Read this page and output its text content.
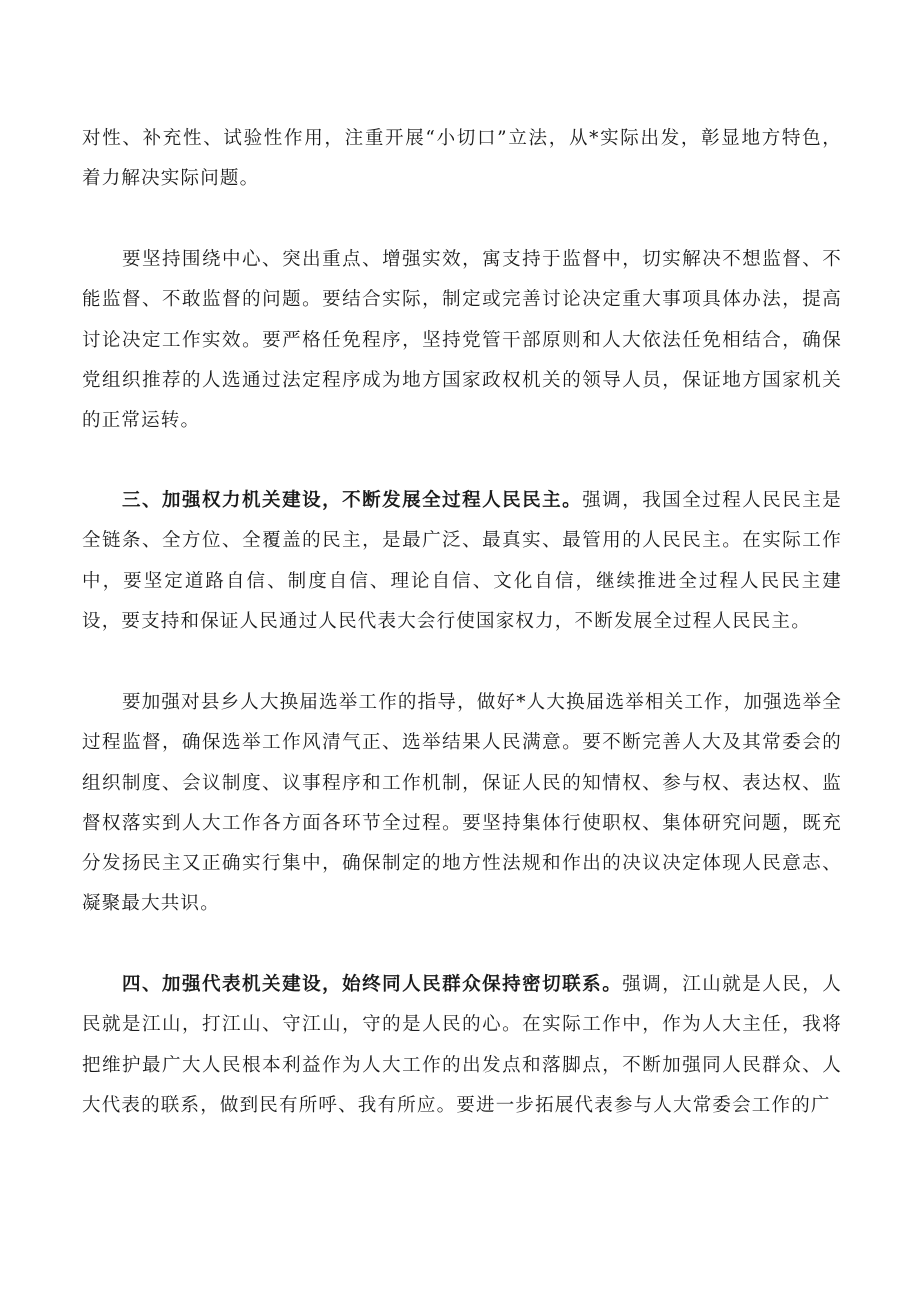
对性、补充性、试验性作用，注重开展“小切口”立法，从*实际出发，彰显地方特色，着力解决实际问题。

要坚持围绕中心、突出重点、增强实效，寓支持于监督中，切实解决不想监督、不能监督、不敢监督的问题。要结合实际，制定或完善讨论决定重大事项具体办法，提高讨论决定工作实效。要严格任免程序，坚持党管干部原则和人大依法任免相结合，确保党组织推荐的人选通过法定程序成为地方国家政权机关的领导人员，保证地方国家机关的正常运转。

三、加强权力机关建设，不断发展全过程人民民主。强调，我国全过程人民民主是全链条、全方位、全覆盖的民主，是最广泛、最真实、最管用的人民民主。在实际工作中，要坚定道路自信、制度自信、理论自信、文化自信，继续推进全过程人民民主建设，要支持和保证人民通过人民代表大会行使国家权力，不断发展全过程人民民主。

要加强对县乡人大换届选举工作的指导，做好*人大换届选举相关工作，加强选举全过程监督，确保选举工作风清气正、选举结果人民满意。要不断完善人大及其常委会的组织制度、会议制度、议事程序和工作机制，保证人民的知情权、参与权、表达权、监督权落实到人大工作各方面各环节全过程。要坚持集体行使职权、集体研究问题，既充分发扬民主又正确实行集中，确保制定的地方性法规和作出的决议决定体现人民意志、凝聚最大共识。

四、加强代表机关建设，始终同人民群众保持密切联系。强调，江山就是人民，人民就是江山，打江山、守江山，守的是人民的心。在实际工作中，作为人大主任，我将把维护最广大人民根本利益作为人大工作的出发点和落脚点，不断加强同人民群众、人大代表的联系，做到民有所呼、我有所应。要进一步拓展代表参与人大常委会工作的广
